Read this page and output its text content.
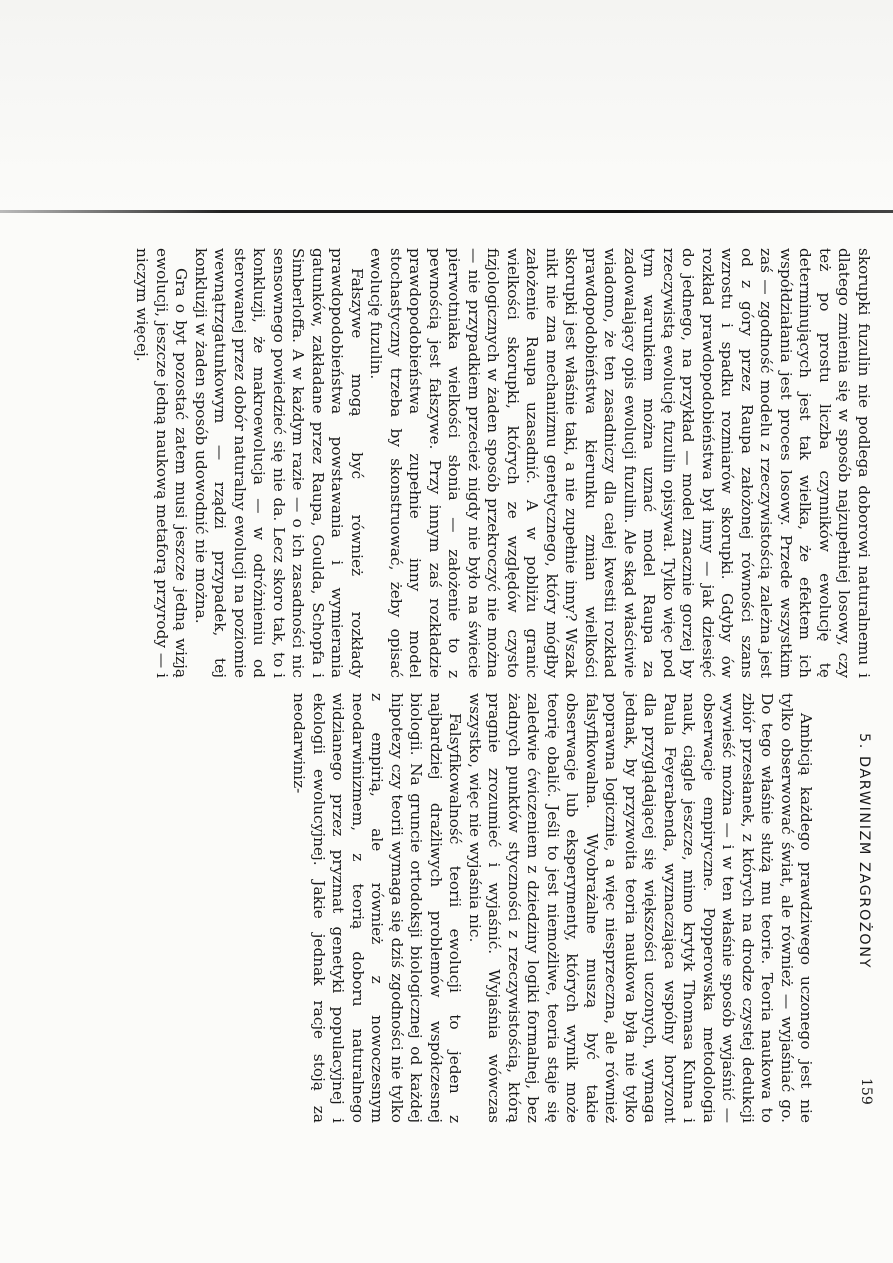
skorupki fuzulin nie podlega doborowi naturalnemu i dlatego zmienia się w sposób najzupełniej losowy, czy też po prostu liczba czynników ewolucję tę determinujących jest tak wielka, że efektem ich współdziałania jest proces losowy. Przede wszystkim zaś — zgodność modelu z rzeczywistością zależna jest od z góry przez Raupa założonej równości szans wzrostu i spadku rozmiarów skorupki. Gdyby ów rozkład prawdopodobieństwa był inny — jak dziesięć do jednego, na przykład — model znacznie gorzej by rzeczywistą ewolucję fuzulin opisywał. Tylko więc pod tym warunkiem można uznać model Raupa za zadowalający opis ewolucji fuzulin. Ale skąd właściwie wiadomo, że ten zasadniczy dla całej kwestii rozkład prawdopodobieństwa kierunku zmian wielkości skorupki jest właśnie taki, a nie zupełnie inny? Wszak nikt nie zna mechanizmu genetycznego, który mógłby założenie Raupa uzasadnić. A w pobliżu granic wielkości skorupki, których ze względów czysto fizjologicznych w żaden sposób przekroczyć nie można — nie przypadkiem przecież nigdy nie było na świecie pierwotniaka wielkości słonia — założenie to z pewnością jest fałszywe. Przy innym zaś rozkładzie prawdopodobieństwa zupełnie inny model stochastyczny trzeba by skonstruować, żeby opisać ewolucję fuzulin.

Fałszywe mogą być również rozkłady prawdopodobieństwa powstawania i wymierania gatunków, zakładane przez Raupa, Goulda, Schopfa i Simberloffa. A w każdym razie — o ich zasadności nic sensownego powiedzieć się nie da. Lecz skoro tak, to i konkluzji, że makroewolucja — w odróżnieniu od sterowanej przez dobór naturalny ewolucji na poziomie wewnątrzgatunkowym — rządzi przypadek, tej konkluzji w żaden sposób udowodnić nie można.

Gra o byt pozostać zatem musi jeszcze jedną wizją ewolucji, jeszcze jedną naukową metaforą przyrody — i niczym więcej.

5. DARWINIZM ZAGROŻONY

Ambicją każdego prawdziwego uczonego jest nie tylko obserwować świat, ale również — wyjaśniać go. Do tego właśnie służą mu teorie. Teoria naukowa to zbiór przesłanek, z których na drodze czystej dedukcji wywieść można — i w ten właśnie sposób wyjaśnić — obserwacje empiryczne. Popperowska metodologia nauk, ciągle jeszcze, mimo krytyk Thomasa Kuhna i Paula Feyerabenda, wyznaczająca wspólny horyzont dla przyglądającej się większości uczonych, wymaga jednak, by przyzwoita teoria naukowa była nie tylko poprawna logicznie, a więc niesprzeczna, ale również falsyfikowalna. Wyobrażalne muszą być takie obserwacje lub eksperymenty, których wynik może teorię obalić. Jeśli to jest niemożliwe, teoria staje się zaledwie ćwiczeniem z dziedziny logiki formalnej, bez żadnych punktów styczności z rzeczywistością, którą pragnie zrozumieć i wyjaśnić. Wyjaśnia wówczas wszystko, więc nie wyjaśnia nic.

Falsyfikowalność teorii ewolucji to jeden z najbardziej drażliwych problemów współczesnej biologii. Na gruncie ortodoksji biologicznej od każdej hipotezy czy teorii wymaga się dziś zgodności nie tylko z empirią, ale również z nowoczesnym neodarwinizmem, z teorią doboru naturalnego widzianego przez pryzmat genetyki populacyjnej i ekologii ewolucyjnej. Jakie jednak racje stoją za neodarwiniz-

159
